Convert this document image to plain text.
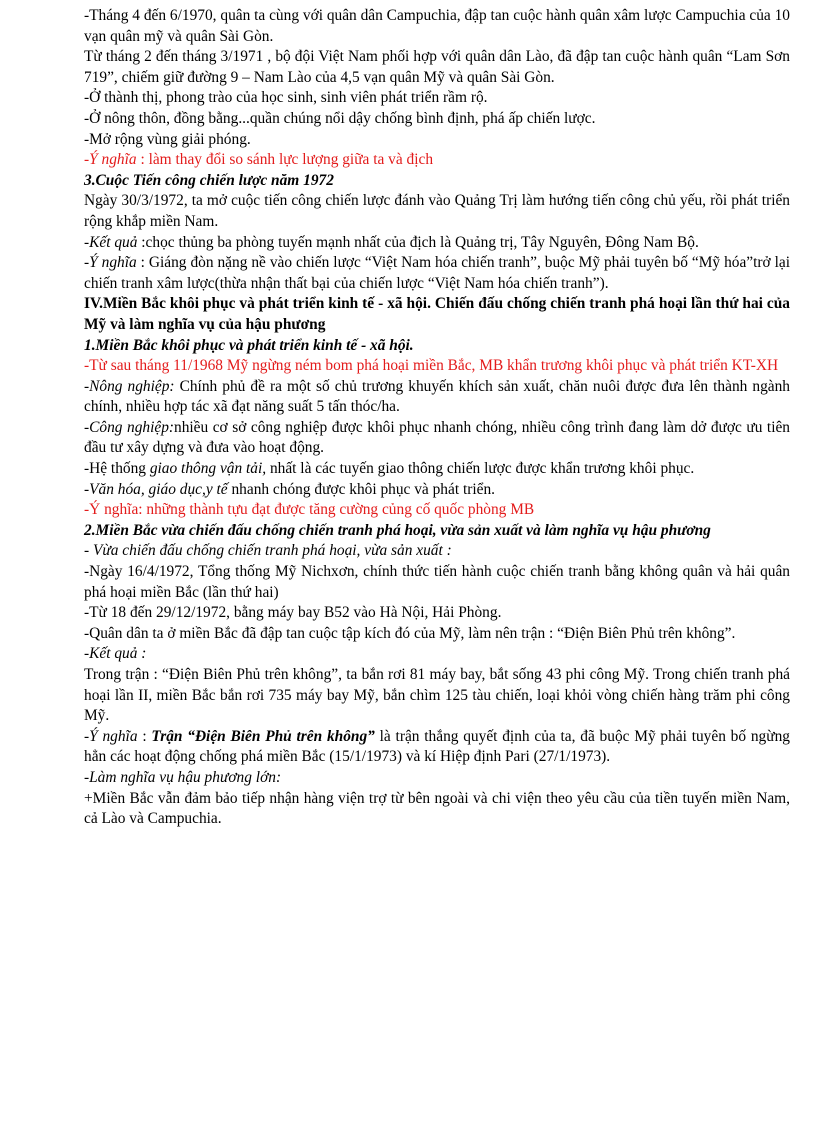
-Tháng 4 đến 6/1970, quân ta cùng với quân dân Campuchia, đập tan cuộc hành quân xâm lược Campuchia của 10 vạn quân mỹ và quân Sài Gòn.

Từ tháng 2 đến tháng 3/1971 , bộ đội Việt Nam phối hợp với quân dân Lào, đã đập tan cuộc hành quân “Lam Sơn 719”, chiếm giữ đường 9 – Nam Lào của 4,5 vạn quân Mỹ và quân Sài Gòn.

-Ở thành thị, phong trào của học sinh, sinh viên phát triển rầm rộ.

-Ở nông thôn, đồng bằng...quần chúng nổi dậy chống bình định, phá ấp chiến lược.

-Mở rộng vùng giải phóng.

-Ý nghĩa : làm thay đổi so sánh lực lượng giữa ta và địch

3.Cuộc Tiến công chiến lược năm 1972

Ngày 30/3/1972, ta mở cuộc tiến công chiến lược đánh vào Quảng Trị làm hướng tiến công chủ yếu, rồi phát triển rộng khắp miền Nam.

-Kết quả :chọc thủng ba phòng tuyến mạnh nhất của địch là Quảng trị, Tây Nguyên, Đông Nam Bộ.

-Ý nghĩa : Giáng đòn nặng nề vào chiến lược “Việt Nam hóa chiến tranh”, buộc Mỹ phải tuyên bố “Mỹ hóa”trở lại chiến tranh xâm lược(thừa nhận thất bại của chiến lược “Việt Nam hóa chiến tranh”).

IV.Miền Bắc khôi phục và phát triển kinh tế - xã hội. Chiến đấu chống chiến tranh phá hoại lần thứ hai của Mỹ và làm nghĩa vụ của hậu phương

1.Miền Bắc khôi phục và phát triển kinh tế - xã hội.

-Từ sau tháng 11/1968 Mỹ ngừng ném bom phá hoại miền Bắc, MB khẩn trương khôi phục và phát triển KT-XH

-Nông nghiệp: Chính phủ đề ra một số chủ trương khuyến khích sản xuất, chăn nuôi được đưa lên thành ngành chính, nhiều hợp tác xã đạt năng suất 5 tấn thóc/ha.

-Công nghiệp:nhiều cơ sở công nghiệp được khôi phục nhanh chóng, nhiều công trình đang làm dở được ưu tiên đầu tư xây dựng và đưa vào hoạt động.

-Hệ thống giao thông vận tải, nhất là các tuyến giao thông chiến lược được khẩn trương khôi phục.

-Văn hóa, giáo dục,y tế nhanh chóng được khôi phục và phát triển.

-Ý nghĩa: những thành tựu đạt được tăng cường củng cố quốc phòng MB

2.Miền Bắc vừa chiến đấu chống chiến tranh phá hoại, vừa sản xuất và làm nghĩa vụ hậu phương

- Vừa chiến đấu chống chiến tranh phá hoại, vừa sản xuất :

-Ngày 16/4/1972, Tổng thống Mỹ Nichxơn, chính thức tiến hành cuộc chiến tranh bằng không quân và hải quân phá hoại miền Bắc (lần thứ hai)

-Từ 18 đến 29/12/1972, bằng máy bay B52 vào Hà Nội, Hải Phòng.

-Quân dân ta ở miền Bắc đã đập tan cuộc tập kích đó của Mỹ, làm nên trận : “Điện Biên Phủ trên không”.

-Kết quả :

Trong trận : “Điện Biên Phủ trên không”, ta bắn rơi 81 máy bay, bắt sống 43 phi công Mỹ. Trong chiến tranh phá hoại lần II, miền Bắc bắn rơi 735 máy bay Mỹ, bắn chìm 125 tàu chiến, loại khỏi vòng chiến hàng trăm phi công Mỹ.

-Ý nghĩa : Trận “Điện Biên Phủ trên không” là trận thắng quyết định của ta, đã buộc Mỹ phải tuyên bố ngừng hẳn các hoạt động chống phá miền Bắc (15/1/1973) và kí Hiệp định Pari (27/1/1973).

-Làm nghĩa vụ hậu phương lớn:

+Miền Bắc vẫn đảm bảo tiếp nhận hàng viện trợ từ bên ngoài và chi viện theo yêu cầu của tiền tuyến miền Nam, cả Lào và Campuchia.
